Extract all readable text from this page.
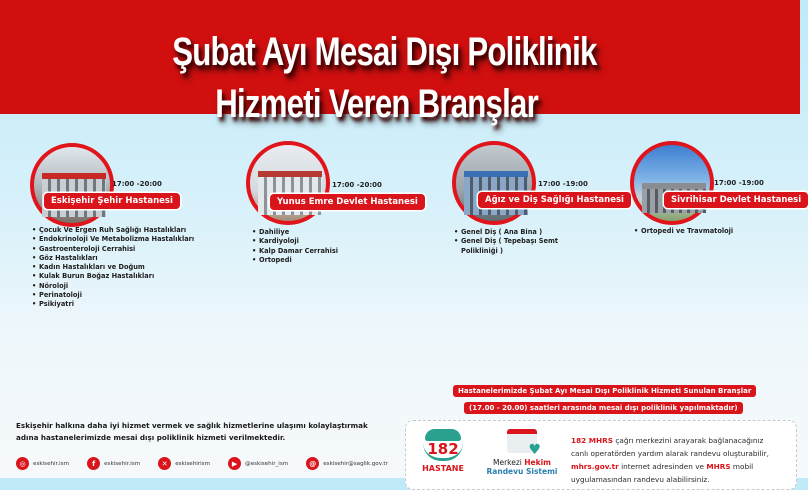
Şubat Ayı Mesai Dışı Poliklinik
Hizmeti Veren Branşlar
17:00 -20:00
Eskişehir Şehir Hastanesi
• Çocuk Ve Ergen Ruh Sağlığı Hastalıkları
• Endokrinoloji Ve Metabolizma Hastalıkları
• Gastroenteroloji Cerrahisi
• Göz Hastalıkları
• Kadın Hastalıkları ve Doğum
• Kulak Burun Boğaz Hastalıkları
• Nöroloji
• Perinatoloji
• Psikiyatri
17:00 -20:00
Yunus Emre Devlet Hastanesi
• Dahiliye
• Kardiyoloji
• Kalp Damar Cerrahisi
• Ortopedi
17:00 -19:00
Ağız ve Diş Sağlığı Hastanesi
• Genel Diş ( Ana Bina )
• Genel Diş ( Tepebaşı Semt Polikliniği )
17:00 -19:00
Sivrihisar Devlet Hastanesi
• Ortopedi ve Travmatoloji
Hastanelerimizde Şubat Ayı Mesai Dışı Poliklinik Hizmeti Sunulan Branşlar
(17.00 - 20.00) saatleri arasında mesai dışı poliklinik yapılmaktadır)

Eskişehir halkına daha iyi hizmet vermek ve sağlık hizmetlerine ulaşımı kolaylaştırmak adına hastanelerimizde mesai dışı poliklinik hizmeti verilmektedir.

◎	eskisehir.ism	f	eskisehir.ism	✕	eskisehirism	▶	@eskisehir_ism	@	eskisehir@saglik.gov.tr
182
HASTANE
♥
Merkezi Hekim
Randevu Sistemi
182 MHRS çağrı merkezini arayarak bağlanacağınız
canlı operatörden yardım alarak randevu oluşturabilir,
mhrs.gov.tr internet adresinden ve MHRS mobil
uygulamasından randevu alabilirsiniz.
